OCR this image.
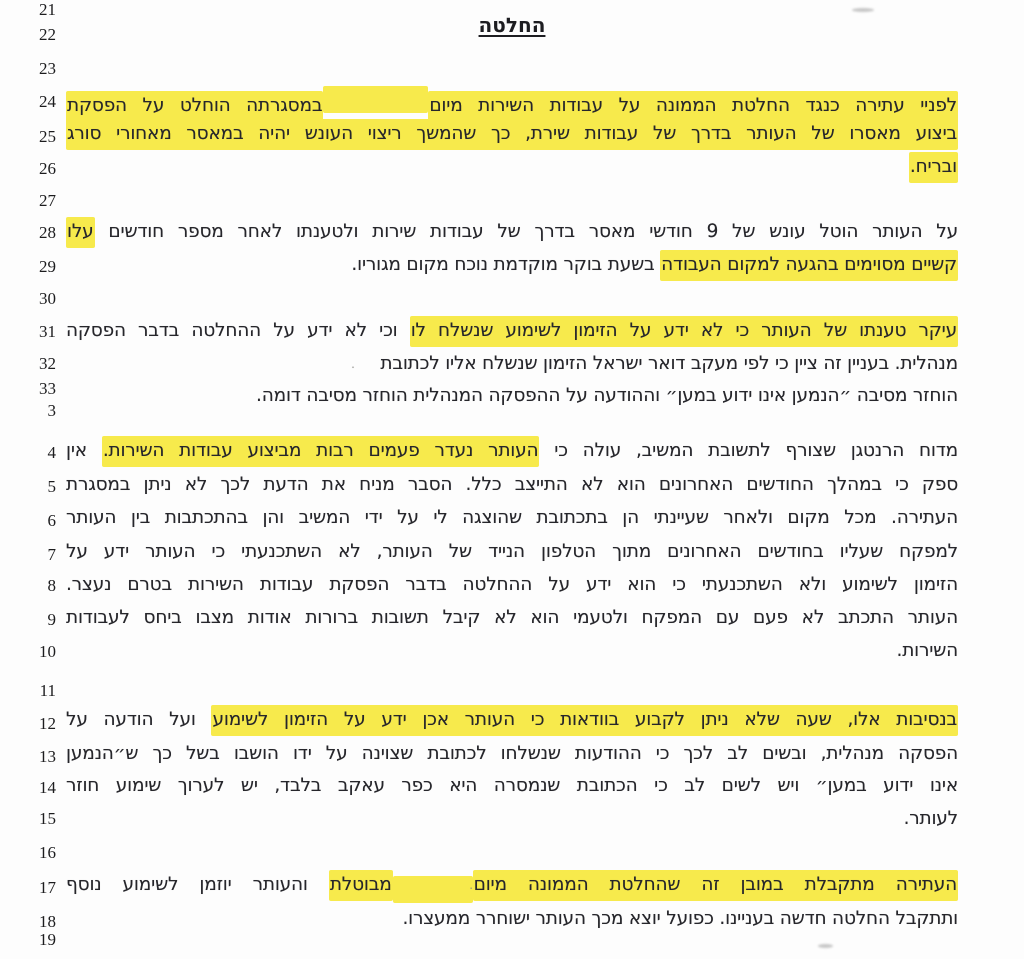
החלטה
21
22
23
24
25
26
27
28
29
30
31
32
33
3
4
5
6
7
8
9
10
11
12
13
14
15
16
17
18
19
לפניי עתירה כנגד החלטת הממונה על עבודות השירות מיוםבמסגרתה הוחלט על הפסקת
ביצוע מאסרו של העותר בדרך של עבודות שירת, כך שהמשך ריצוי העונש יהיה במאסר מאחורי סורג
ובריח.
על העותר הוטל עונש של 9 חודשי מאסר בדרך של עבודות שירות ולטענתו לאחר מספר חודשים עלו
קשיים מסוימים בהגעה למקום העבודה בשעת בוקר מוקדמת נוכח מקום מגוריו.
עיקר טענתו של העותר כי לא ידע על הזימון לשימוע שנשלח לו וכי לא ידע על ההחלטה בדבר הפסקה
מנהלית. בעניין זה ציין כי לפי מעקב דואר ישראל הזימון שנשלח אליו לכתובת·
הוחזר מסיבה ״הנמען אינו ידוע במען״ וההודעה על ההפסקה המנהלית הוחזר מסיבה דומה.
מדוח הרנטגן שצורף לתשובת המשיב, עולה כי העותר נעדר פעמים רבות מביצוע עבודות השירות. אין
ספק כי במהלך החודשים האחרונים הוא לא התייצב כלל. הסבר מניח את הדעת לכך לא ניתן במסגרת
העתירה. מכל מקום ולאחר שעיינתי הן בתכתובת שהוצגה לי על ידי המשיב והן בהתכתבות בין העותר
למפקח שעליו בחודשים האחרונים מתוך הטלפון הנייד של העותר, לא השתכנעתי כי העותר ידע על
הזימון לשימוע ולא השתכנעתי כי הוא ידע על ההחלטה בדבר הפסקת עבודות השירות בטרם נעצר.
העותר התכתב לא פעם עם המפקח ולטעמי הוא לא קיבל תשובות ברורות אודות מצבו ביחס לעבודות
השירות.
בנסיבות אלו, שעה שלא ניתן לקבוע בוודאות כי העותר אכן ידע על הזימון לשימוע ועל הודעה על
הפסקה מנהלית, ובשים לב לכך כי ההודעות שנשלחו לכתובת שצוינה על ידו הושבו בשל כך ש״הנמען
אינו ידוע במען״ ויש לשים לב כי הכתובת שנמסרה היא כפר עאקב בלבד, יש לערוך שימוע חוזר
לעותר.
העתירה מתקבלת במובן זה שהחלטת הממונה מיום·מבוטלת והעותר יוזמן לשימוע נוסף
ותתקבל החלטה חדשה בעניינו. כפועל יוצא מכך העותר ישוחרר ממעצרו.
